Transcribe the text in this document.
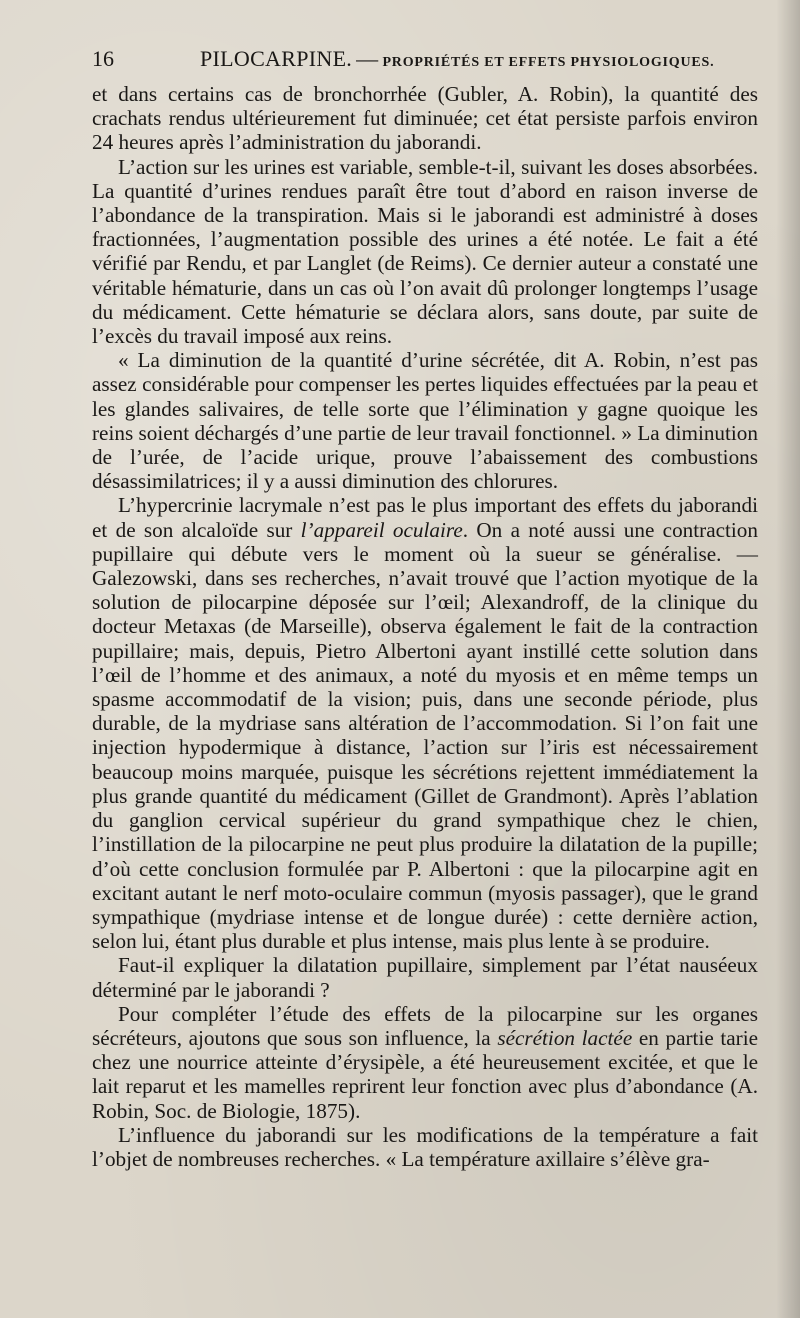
16	PILOCARPINE. — PROPRIÉTÉS ET EFFETS PHYSIOLOGIQUES.

et dans certains cas de bronchorrhée (Gubler, A. Robin), la quantité des crachats rendus ultérieurement fut diminuée; cet état persiste parfois environ 24 heures après l’administration du jaborandi.

L’action sur les urines est variable, semble-t-il, suivant les doses absorbées. La quantité d’urines rendues paraît être tout d’abord en raison inverse de l’abondance de la transpiration. Mais si le jaborandi est administré à doses fractionnées, l’augmentation possible des urines a été notée. Le fait a été vérifié par Rendu, et par Langlet (de Reims). Ce dernier auteur a constaté une véritable hématurie, dans un cas où l’on avait dû prolonger longtemps l’usage du médicament. Cette hématurie se déclara alors, sans doute, par suite de l’excès du travail imposé aux reins.

« La diminution de la quantité d’urine sécrétée, dit A. Robin, n’est pas assez considérable pour compenser les pertes liquides effectuées par la peau et les glandes salivaires, de telle sorte que l’élimination y gagne quoique les reins soient déchargés d’une partie de leur travail fonctionnel. » La diminution de l’urée, de l’acide urique, prouve l’abaissement des combustions désassimilatrices; il y a aussi diminution des chlorures.

L’hypercrinie lacrymale n’est pas le plus important des effets du jaborandi et de son alcaloïde sur l’appareil oculaire. On a noté aussi une contraction pupillaire qui débute vers le moment où la sueur se généralise. — Galezowski, dans ses recherches, n’avait trouvé que l’action myotique de la solution de pilocarpine déposée sur l’œil; Alexandroff, de la clinique du docteur Metaxas (de Marseille), observa également le fait de la contraction pupillaire; mais, depuis, Pietro Albertoni ayant instillé cette solution dans l’œil de l’homme et des animaux, a noté du myosis et en même temps un spasme accommodatif de la vision; puis, dans une seconde période, plus durable, de la mydriase sans altération de l’accommodation. Si l’on fait une injection hypodermique à distance, l’action sur l’iris est nécessairement beaucoup moins marquée, puisque les sécrétions rejettent immédiatement la plus grande quantité du médicament (Gillet de Grandmont). Après l’ablation du ganglion cervical supérieur du grand sympathique chez le chien, l’instillation de la pilocarpine ne peut plus produire la dilatation de la pupille; d’où cette conclusion formulée par P. Albertoni : que la pilocarpine agit en excitant autant le nerf moto-oculaire commun (myosis passager), que le grand sympathique (mydriase intense et de longue durée) : cette dernière action, selon lui, étant plus durable et plus intense, mais plus lente à se produire.

Faut-il expliquer la dilatation pupillaire, simplement par l’état nauséeux déterminé par le jaborandi ?

Pour compléter l’étude des effets de la pilocarpine sur les organes sécréteurs, ajoutons que sous son influence, la sécrétion lactée en partie tarie chez une nourrice atteinte d’érysipèle, a été heureusement excitée, et que le lait reparut et les mamelles reprirent leur fonction avec plus d’abondance (A. Robin, Soc. de Biologie, 1875).

L’influence du jaborandi sur les modifications de la température a fait l’objet de nombreuses recherches. « La température axillaire s’élève gra-
